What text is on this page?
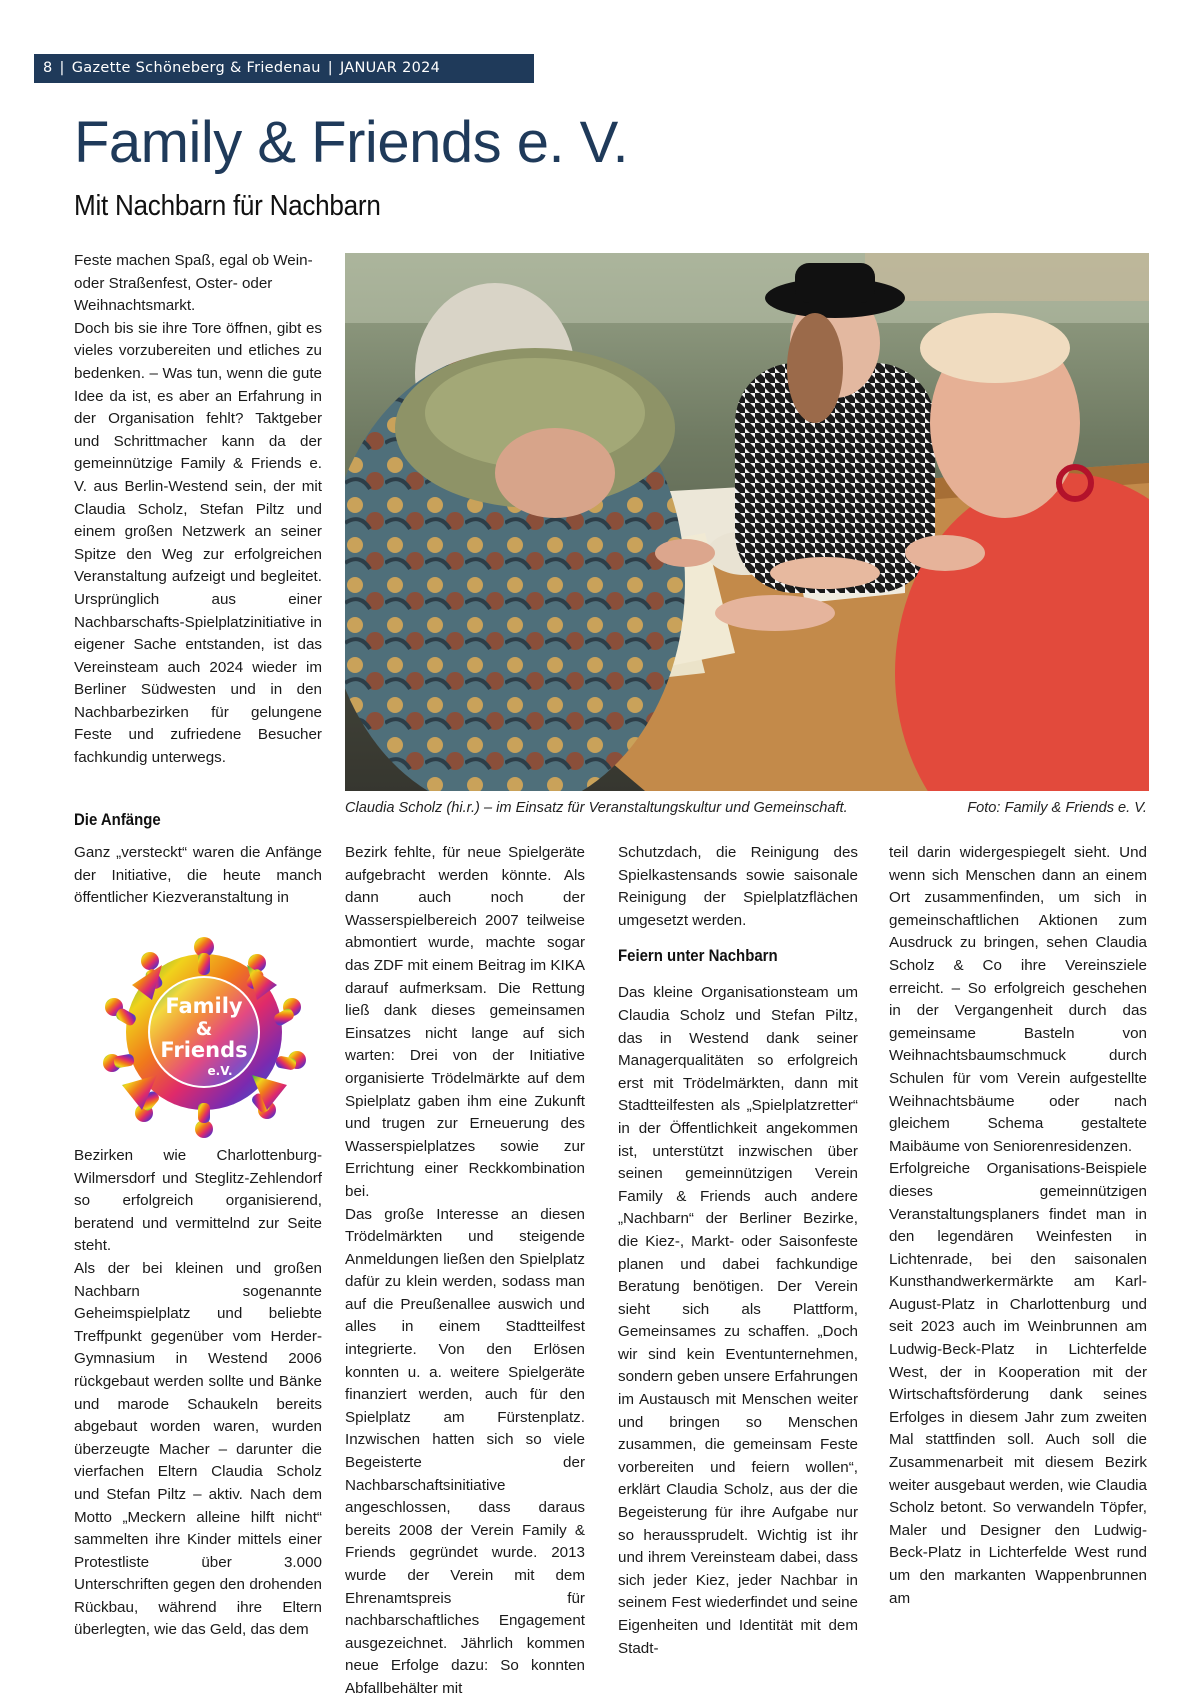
8 | Gazette Schöneberg & Friedenau | JANUAR 2024
Family & Friends e. V.
Mit Nachbarn für Nachbarn

Feste machen Spaß, egal ob Wein- oder Straßenfest, Oster- oder Weihnachtsmarkt.

Doch bis sie ihre Tore öffnen, gibt es vieles vorzubereiten und etliches zu bedenken. – Was tun, wenn die gute Idee da ist, es aber an Erfahrung in der Organisation fehlt? Taktgeber und Schrittmacher kann da der gemeinnützige Family & Friends e. V. aus Berlin-Westend sein, der mit Claudia Scholz, Stefan Piltz und einem großen Netzwerk an seiner Spitze den Weg zur erfolgreichen Veranstaltung aufzeigt und begleitet. Ursprünglich aus einer Nachbarschafts-Spielplatzinitiative in eigener Sache entstanden, ist das Vereinsteam auch 2024 wieder im Berliner Südwesten und in den Nachbarbezirken für gelungene Feste und zufriedene Besucher fachkundig unterwegs.

Claudia Scholz (hi.r.) – im Einsatz für Veranstaltungskultur und Gemeinschaft.	Foto: Family & Friends e. V.
Die Anfänge

Ganz „versteckt“ waren die Anfänge der Initiative, die heute manch öffentlicher Kiezveranstaltung in

Family
&
Friends
e.V.

Bezirken wie Charlottenburg-Wilmersdorf und Steglitz-Zehlendorf so erfolgreich organisierend, beratend und vermittelnd zur Seite steht.

Als der bei kleinen und großen Nachbarn sogenannte Geheimspielplatz und beliebte Treffpunkt gegenüber vom Herder-Gymnasium in Westend 2006 rückgebaut werden sollte und Bänke und marode Schaukeln bereits abgebaut worden waren, wurden überzeugte Macher – darunter die vierfachen Eltern Claudia Scholz und Stefan Piltz – aktiv. Nach dem Motto „Meckern alleine hilft nicht“ sammelten ihre Kinder mittels einer Protestliste über 3.000 Unterschriften gegen den drohenden Rückbau, während ihre Eltern überlegten, wie das Geld, das dem

Bezirk fehlte, für neue Spielgeräte aufgebracht werden könnte. Als dann auch noch der Wasserspielbereich 2007 teilweise abmontiert wurde, machte sogar das ZDF mit einem Beitrag im KIKA darauf aufmerksam. Die Rettung ließ dank dieses gemeinsamen Einsatzes nicht lange auf sich warten: Drei von der Initiative organisierte Trödelmärkte auf dem Spielplatz gaben ihm eine Zukunft und trugen zur Erneuerung des Wasserspielplatzes sowie zur Errichtung einer Reckkombination bei.

Das große Interesse an diesen Trödelmärkten und steigende Anmeldungen ließen den Spielplatz dafür zu klein werden, sodass man auf die Preußenallee auswich und alles in einem Stadtteilfest integrierte. Von den Erlösen konnten u. a. weitere Spielgeräte finanziert werden, auch für den Spielplatz am Fürstenplatz. Inzwischen hatten sich so viele Begeisterte der Nachbarschaftsinitiative angeschlossen, dass daraus bereits 2008 der Verein Family & Friends gegründet wurde. 2013 wurde der Verein mit dem Ehrenamtspreis für nachbarschaftliches Engagement ausgezeichnet. Jährlich kommen neue Erfolge dazu: So konnten Abfallbehälter mit

Schutzdach, die Reinigung des Spielkastensands sowie saisonale Reinigung der Spielplatzflächen umgesetzt werden.

Feiern unter Nachbarn

Das kleine Organisationsteam um Claudia Scholz und Stefan Piltz, das in Westend dank seiner Managerqualitäten so erfolgreich erst mit Trödelmärkten, dann mit Stadtteilfesten als „Spielplatzretter“ in der Öffentlichkeit angekommen ist, unterstützt inzwischen über seinen gemeinnützigen Verein Family & Friends auch andere „Nachbarn“ der Berliner Bezirke, die Kiez-, Markt- oder Saisonfeste planen und dabei fachkundige Beratung benötigen. Der Verein sieht sich als Plattform, Gemeinsames zu schaffen. „Doch wir sind kein Eventunternehmen, sondern geben unsere Erfahrungen im Austausch mit Menschen weiter und bringen so Menschen zusammen, die gemeinsam Feste vorbereiten und feiern wollen“, erklärt Claudia Scholz, aus der die Begeisterung für ihre Aufgabe nur so heraussprudelt. Wichtig ist ihr und ihrem Vereinsteam dabei, dass sich jeder Kiez, jeder Nachbar in seinem Fest wiederfindet und seine Eigenheiten und Identität mit dem Stadt-

teil darin widergespiegelt sieht. Und wenn sich Menschen dann an einem Ort zusammenfinden, um sich in gemeinschaftlichen Aktionen zum Ausdruck zu bringen, sehen Claudia Scholz & Co ihre Vereinsziele erreicht. – So erfolgreich geschehen in der Vergangenheit durch das gemeinsame Basteln von Weihnachtsbaumschmuck durch Schulen für vom Verein aufgestellte Weihnachtsbäume oder nach gleichem Schema gestaltete Maibäume von Seniorenresidenzen.

Erfolgreiche Organisations-Beispiele dieses gemeinnützigen Veranstaltungsplaners findet man in den legendären Weinfesten in Lichtenrade, bei den saisonalen Kunsthandwerkermärkte am Karl-August-Platz in Charlottenburg und seit 2023 auch im Weinbrunnen am Ludwig-Beck-Platz in Lichterfelde West, der in Kooperation mit der Wirtschaftsförderung dank seines Erfolges in diesem Jahr zum zweiten Mal stattfinden soll. Auch soll die Zusammenarbeit mit diesem Bezirk weiter ausgebaut werden, wie Claudia Scholz betont. So verwandeln Töpfer, Maler und Designer den Ludwig-Beck-Platz in Lichterfelde West rund um den markanten Wappenbrunnen am
